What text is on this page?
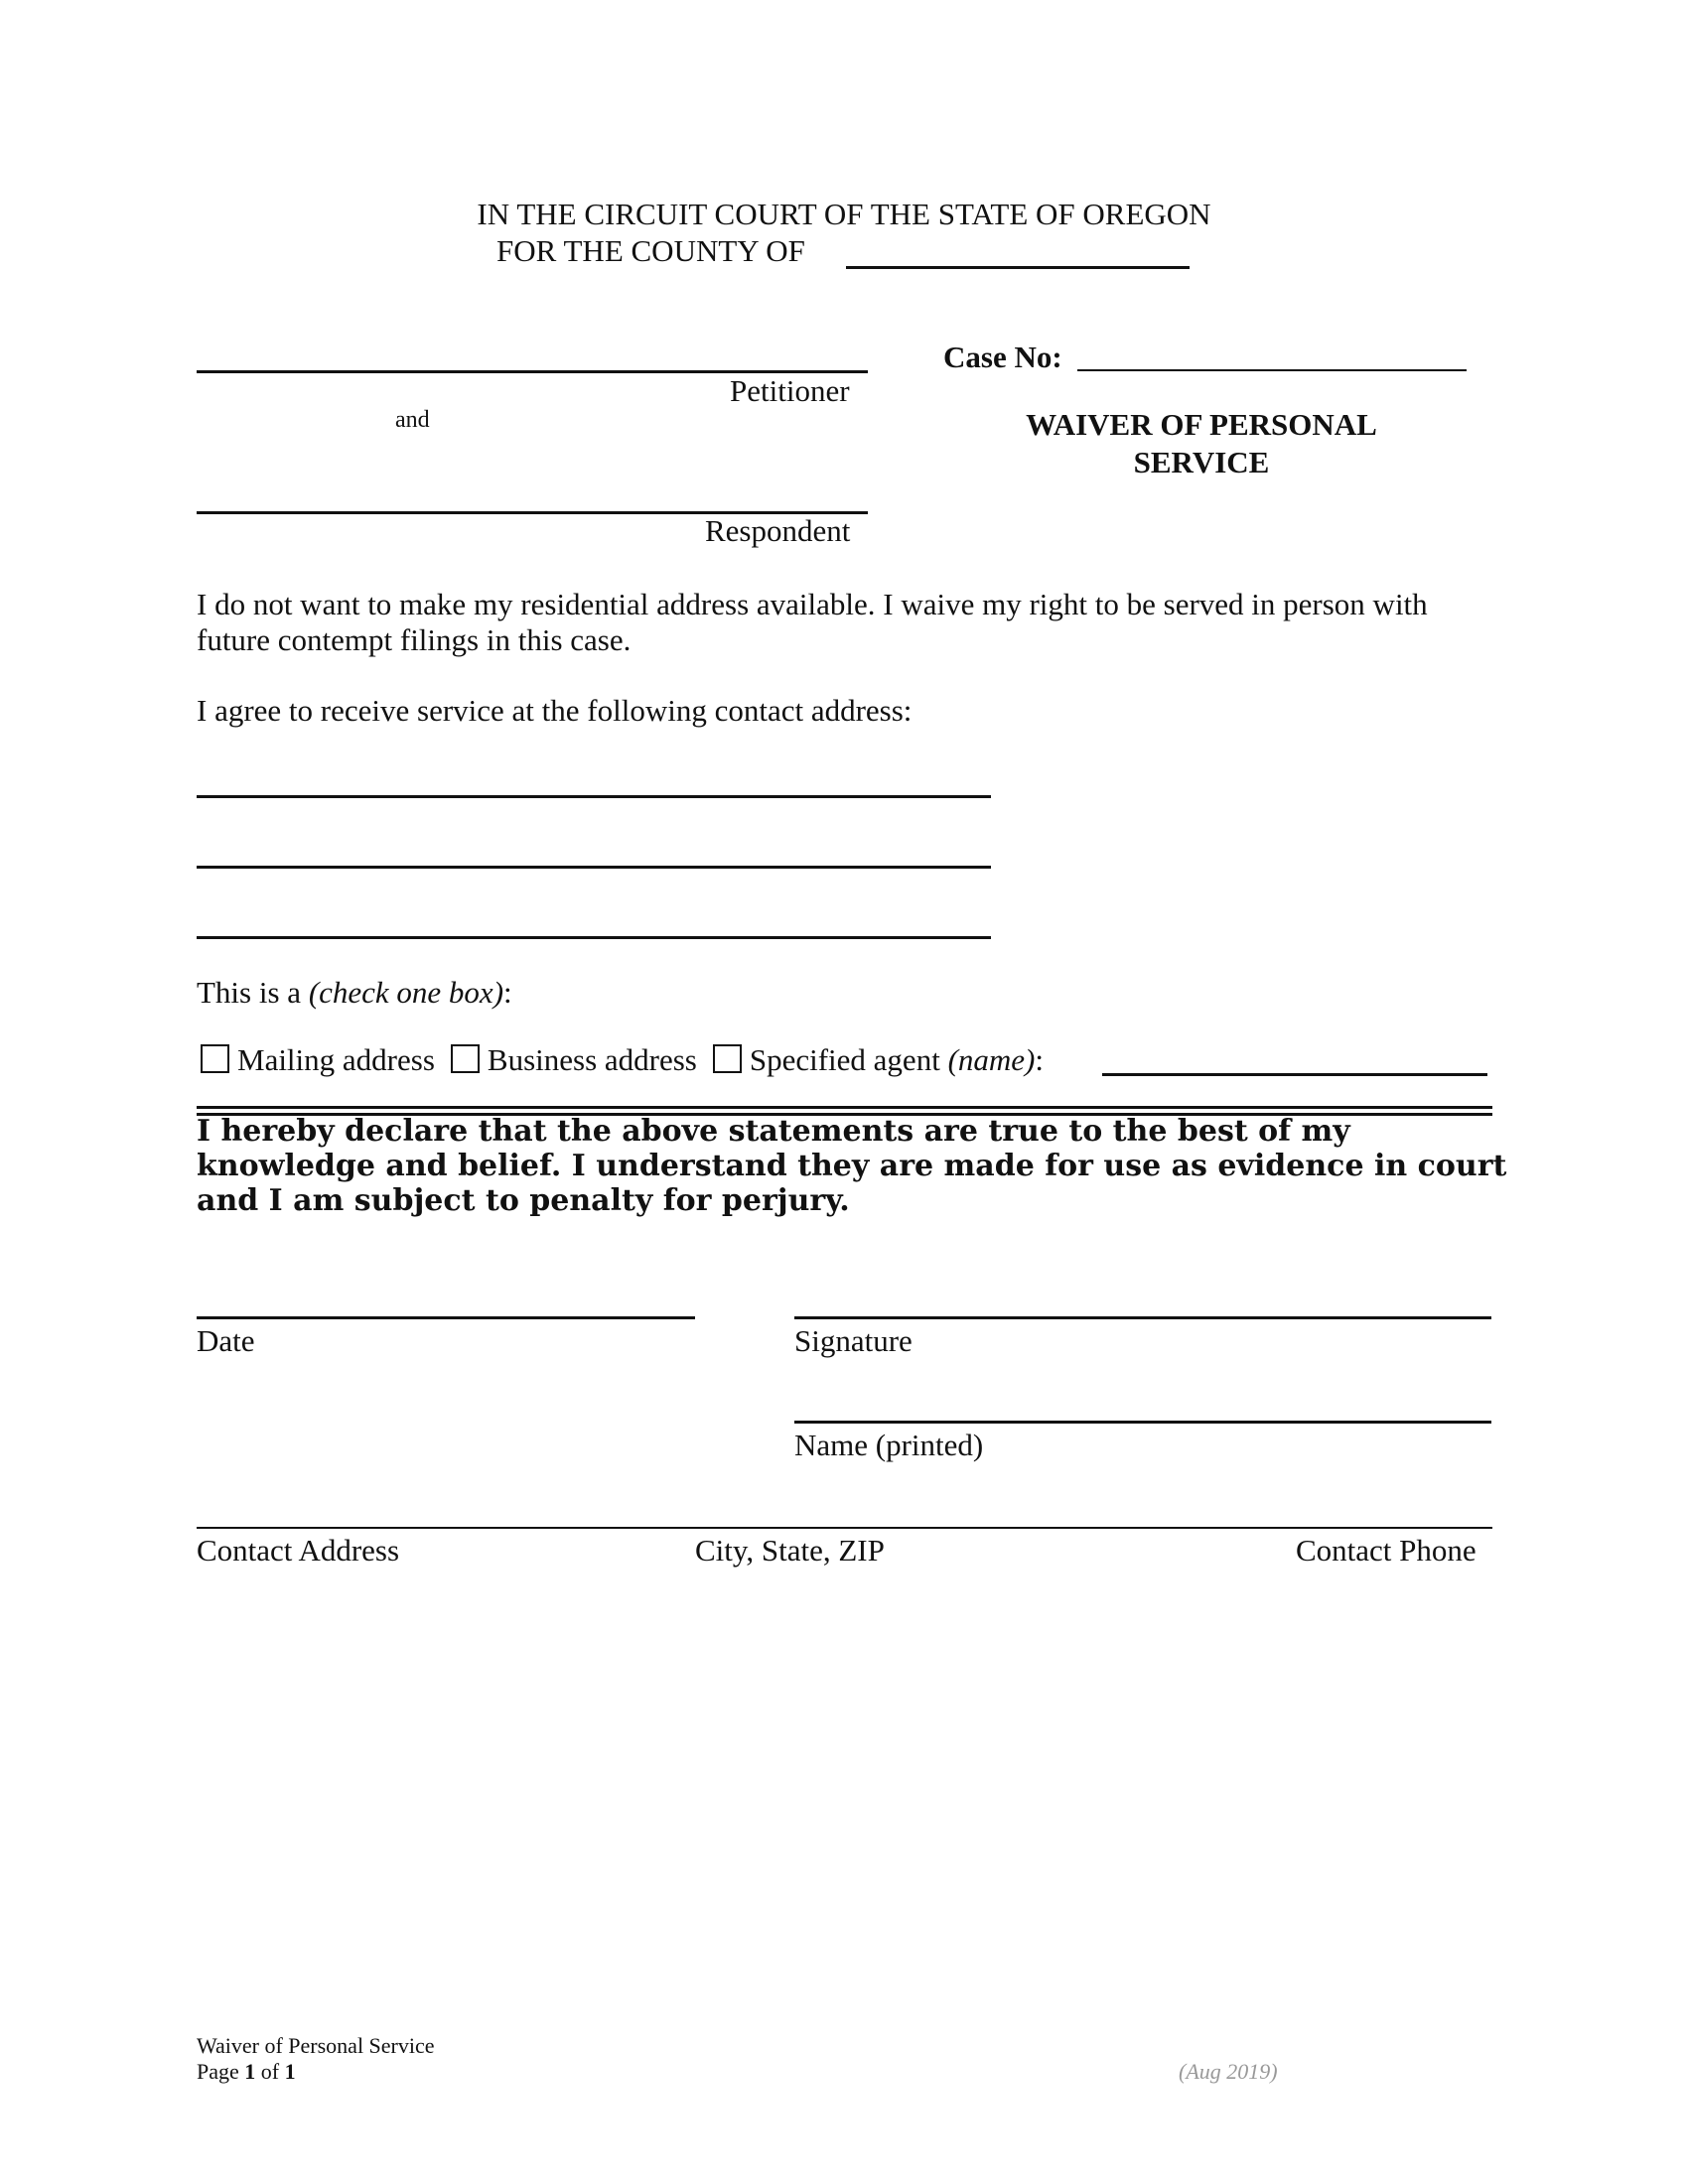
IN THE CIRCUIT COURT OF THE STATE OF OREGON
FOR THE COUNTY OF
Petitioner
and
Respondent
Case No:
WAIVER OF PERSONAL
SERVICE
I do not want to make my residential address available. I waive my right to be served in person with future contempt filings in this case.
I agree to receive service at the following contact address:
This is a (check one box):
Mailing address Business address Specified agent (name):
I hereby declare that the above statements are true to the best of my knowledge and belief. I understand they are made for use as evidence in court and I am subject to penalty for perjury.
Date	Signature
Name (printed)
Contact Address	City, State, ZIP	Contact Phone
Waiver of Personal Service
Page 1 of 1	(Aug 2019)
